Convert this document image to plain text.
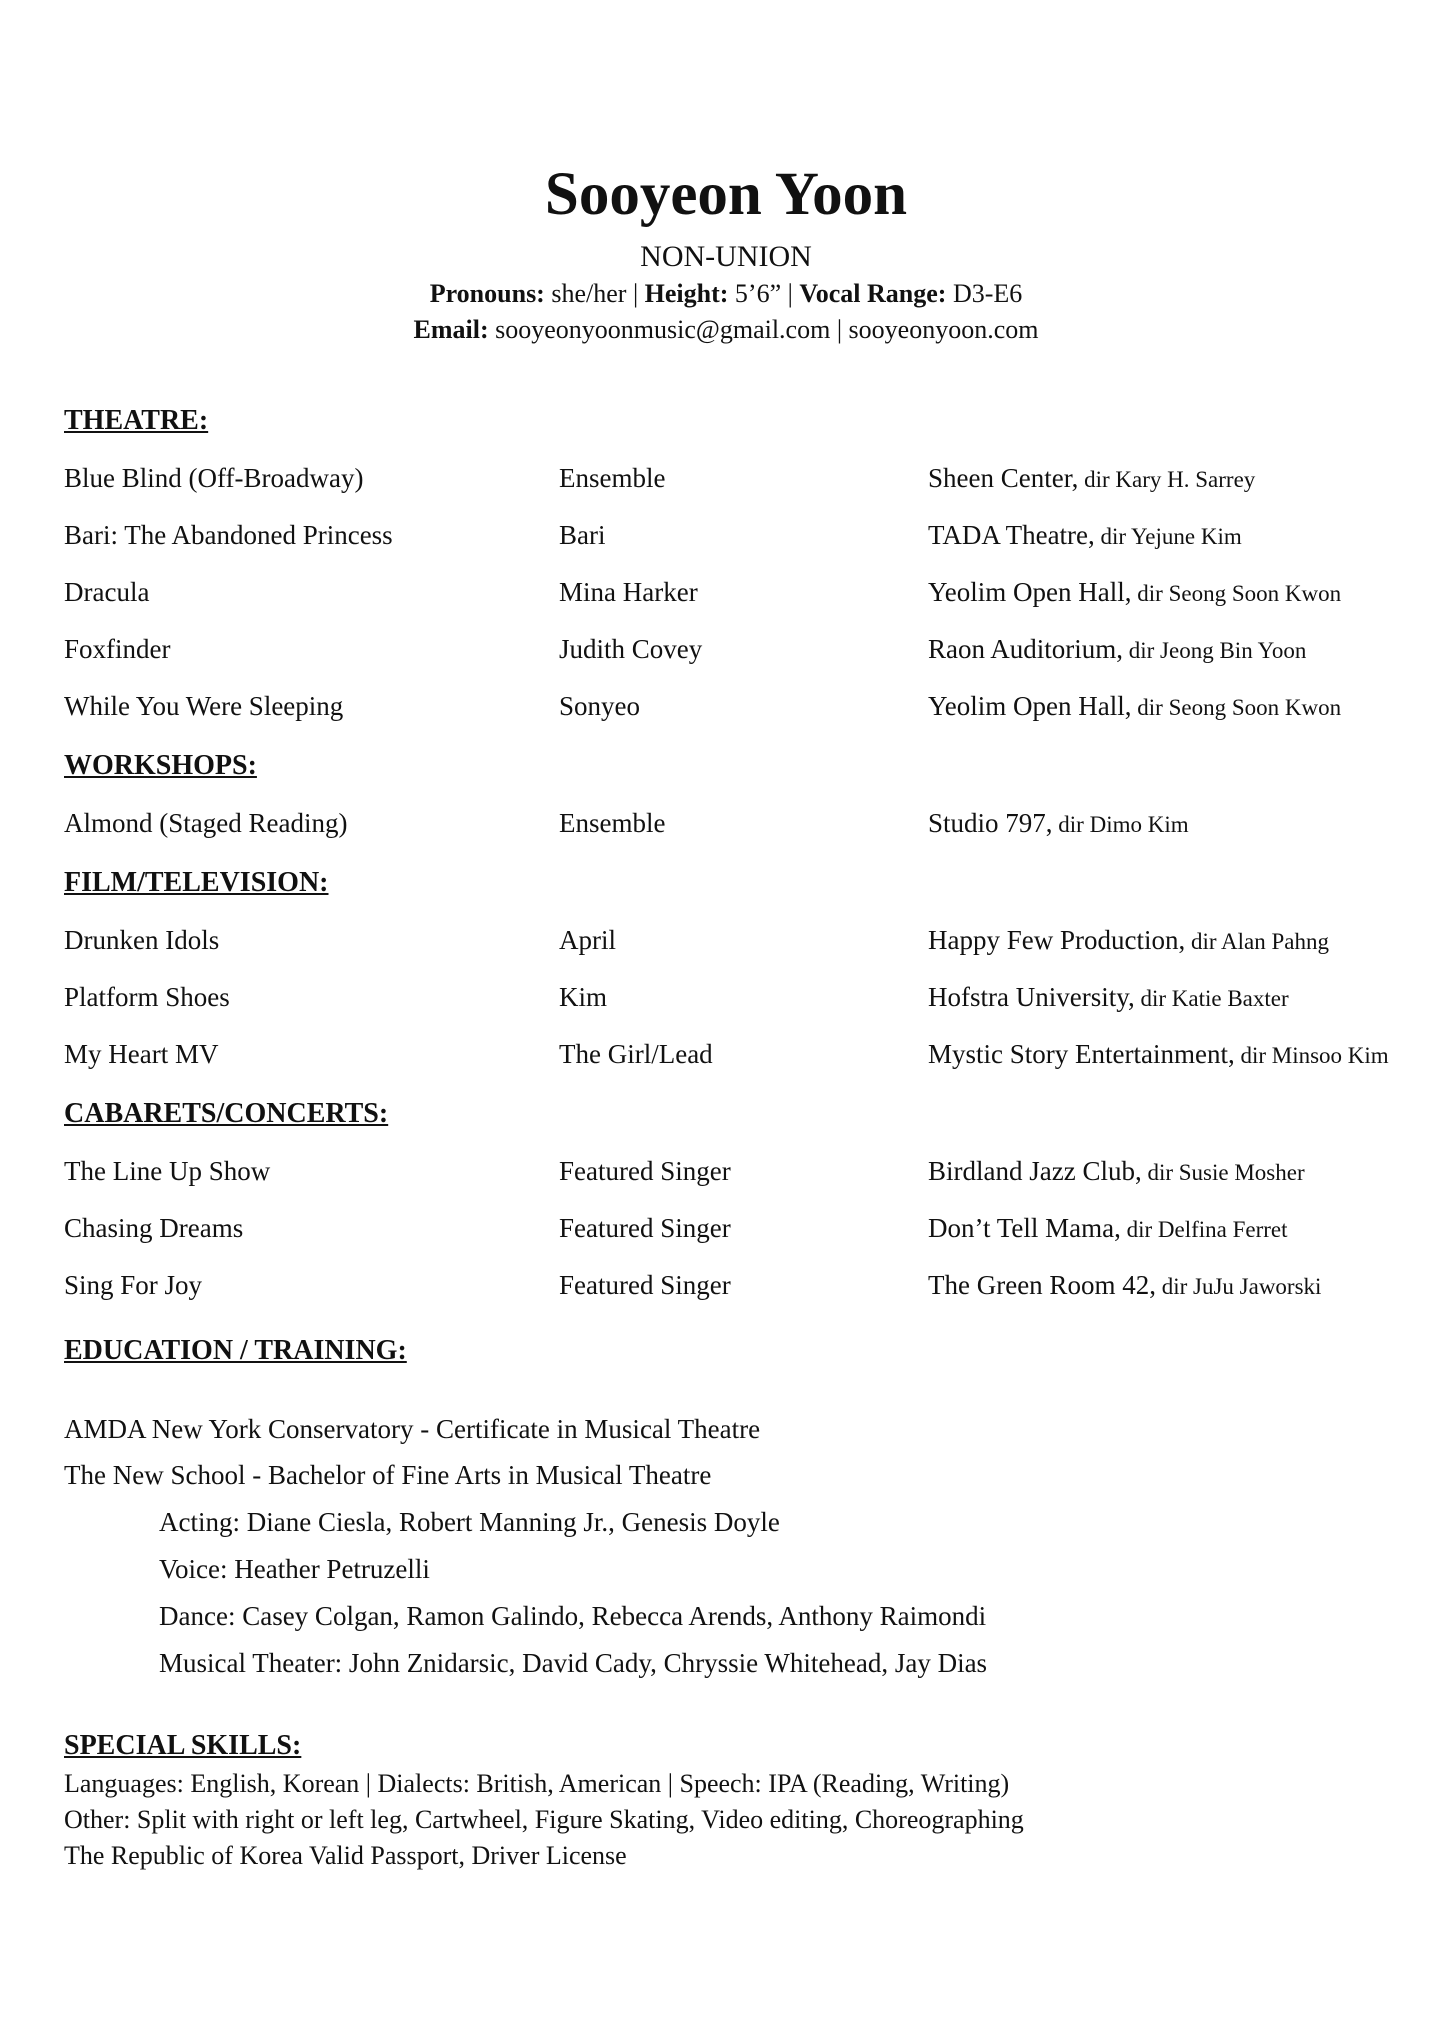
Sooyeon Yoon
NON-UNION
Pronouns: she/her | Height: 5’6” | Vocal Range: D3-E6
Email: sooyeonyoonmusic@gmail.com | sooyeonyoon.com
THEATRE:
Blue Blind (Off-Broadway)	Ensemble	Sheen Center, dir Kary H. Sarrey
Bari: The Abandoned Princess	Bari	TADA Theatre, dir Yejune Kim
Dracula	Mina Harker	Yeolim Open Hall, dir Seong Soon Kwon
Foxfinder	Judith Covey	Raon Auditorium, dir Jeong Bin Yoon
While You Were Sleeping	Sonyeo	Yeolim Open Hall, dir Seong Soon Kwon
WORKSHOPS:
Almond (Staged Reading)	Ensemble	Studio 797, dir Dimo Kim
FILM/TELEVISION:
Drunken Idols	April	Happy Few Production, dir Alan Pahng
Platform Shoes	Kim	Hofstra University, dir Katie Baxter
My Heart MV	The Girl/Lead	Mystic Story Entertainment, dir Minsoo Kim
CABARETS/CONCERTS:
The Line Up Show	Featured Singer	Birdland Jazz Club, dir Susie Mosher
Chasing Dreams	Featured Singer	Don’t Tell Mama, dir Delfina Ferret
Sing For Joy	Featured Singer	The Green Room 42, dir JuJu Jaworski
EDUCATION / TRAINING:
AMDA New York Conservatory - Certificate in Musical Theatre
The New School - Bachelor of Fine Arts in Musical Theatre
Acting: Diane Ciesla, Robert Manning Jr., Genesis Doyle
Voice: Heather Petruzelli
Dance: Casey Colgan, Ramon Galindo, Rebecca Arends, Anthony Raimondi
Musical Theater: John Znidarsic, David Cady, Chryssie Whitehead, Jay Dias
SPECIAL SKILLS:
Languages: English, Korean | Dialects: British, American | Speech: IPA (Reading, Writing)
Other: Split with right or left leg, Cartwheel, Figure Skating, Video editing, Choreographing
The Republic of Korea Valid Passport, Driver License
